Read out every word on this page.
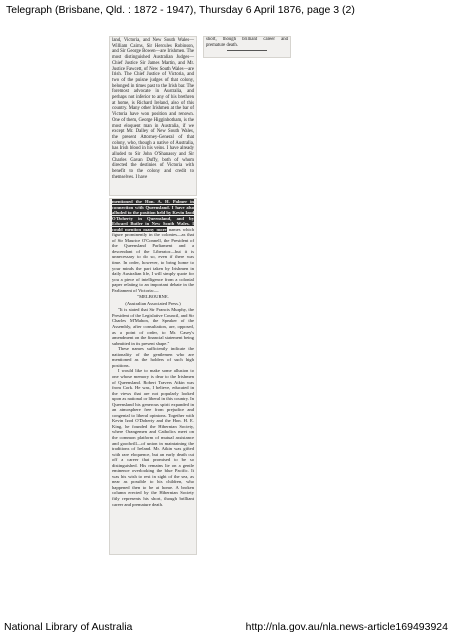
Telegraph (Brisbane, Qld. : 1872 - 1947), Thursday 6 April 1876, page 3 (2)

land, Victoria, and New South Wales—William Cairns, Sir Hercules Robinson, and Sir George Bowen—are Irishmen. The most distinguished Australian Judges—Chief Justice Sir James Martin, and Mr. Justice Fawcett, of New South Wales—are Irish. The Chief Justice of Victoria, and two of the puisne judges of that colony, belonged in times past to the Irish bar. The foremost advocate in Australia, and perhaps not inferior to any of his brethren at home, is Richard Ireland, also of this country. Many other Irishmen at the bar of Victoria have won position and renown. One of them, George Higginbotham, is the most eloquent man in Australia, if we except Mr. Dalley of New South Wales, the present Attorney-General of that colony, who, though a native of Australia, has Irish blood in his veins. I have already alluded to Sir John O'Shanassy and Sir Charles Gavan Duffy, both of whom directed the destinies of Victoria with benefit to the colony and credit to themselves. I have

short, though brilliant career and premature death.

mentioned the Hon. A. H. Palmer in connection with Queensland. I have also alluded to the position held by Kevin Izod O'Doherty in Queensland, and by Edward Butler in New South Wales. I could mention many more names which figure prominently in the colonies—as that of Sir Maurice O'Connell, the President of the Queensland Parliament and a descendant of the Liberator—but it is unnecessary to do so, even if there was time. In order, however, to bring home to your minds the part taken by Irishmen in daily Australian life, I will simply quote for you a piece of intelligence from a colonial paper relating to an important debate in the Parliament of Victoria:—

"MELBOURNE.

(Australian Associated Press.)

"It is stated that Sir Francis Murphy, the President of the Legislative Council, and Sir Charles M'Mahon, the Speaker of the Assembly, after consultation, are, opposed, as a point of order, to Mr. Casey's amendment on the financial statement being submitted in its present shape."

These names sufficiently indicate the nationality of the gentlemen who are mentioned as the holders of such high positions.

I would like to make some allusion to one whose memory is dear to the Irishmen of Queensland. Robert Travers Atkin was from Cork. He was, I believe, educated in the views that are not popularly looked upon as national or liberal in this country. In Queensland his generous spirit expanded in an atmosphere free from prejudice and congenial to liberal opinions. Together with Kevin Izod O'Doherty and the Hon. H. E. King, he founded the Hibernian Society, where Orangemen and Catholics meet on the common platform of mutual assistance and goodwill—of union in maintaining the traditions of Ireland. Mr. Atkin was gifted with rare eloquence, but an early death cut off a career that promised to be so distinguished. His remains lie on a gentle eminence overlooking the blue Pacific. It was his wish to rest in sight of the sea, as near as possible to his children, who happened then to be at home. A broken column erected by the Hibernian Society fitly represents his short, though brilliant career and premature death.

National Library of Australia	http://nla.gov.au/nla.news-article169493924
